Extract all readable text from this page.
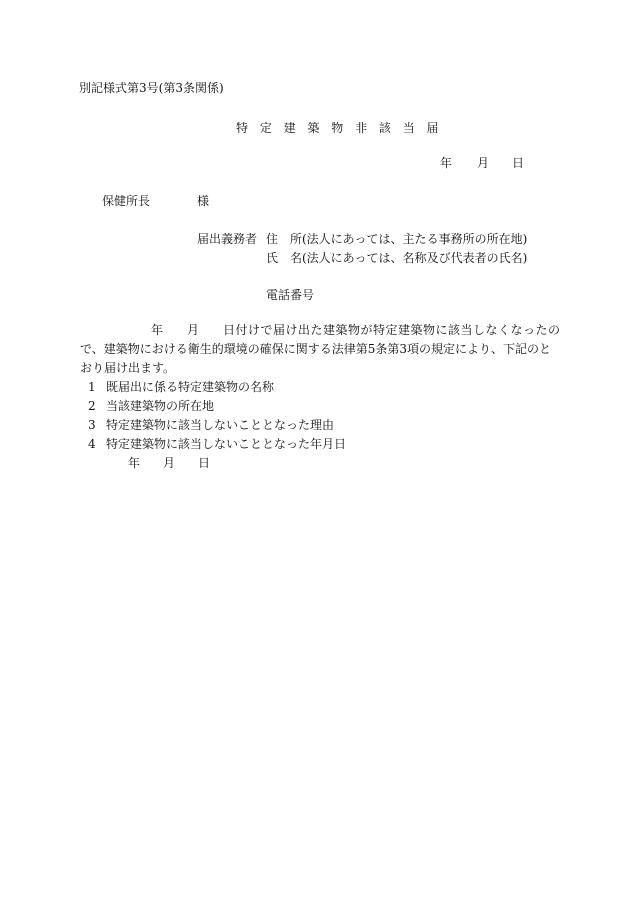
別記様式第3号(第3条関係)
特 定 建 築 物 非 該 当 届
年 月 日
保健所長	様
届出義務者 住　所 (法人にあっては、主たる事務所の所在地)
氏　名 (法人にあっては、名称及び代表者の氏名)
電話番号
年 月 日付けで届け出た建築物が特定建築物に該当しなくなったの
で、建築物における衛生的環境の確保に関する法律第5条第3項の規定により、下記のと
おり届け出ます。
1 既届出に係る特定建築物の名称
2 当該建築物の所在地
3 特定建築物に該当しないこととなった理由
4 特定建築物に該当しないこととなった年月日
年 月 日
